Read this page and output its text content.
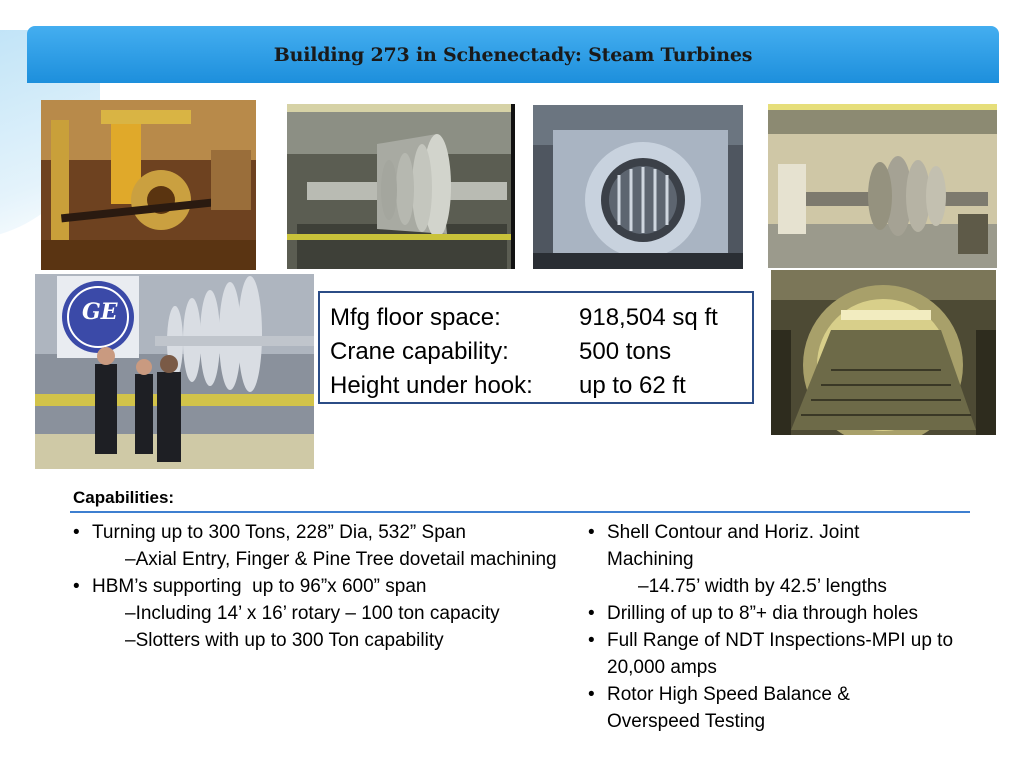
Building 273 in Schenectady: Steam Turbines
GE	Mfg floor space:	918,504 sq ft
Crane capability:	500 tons
Height under hook:	up to 62 ft
Capabilities:
• Turning up to 300 Tons, 228” Dia, 532” Span
–Axial Entry, Finger & Pine Tree dovetail machining
• HBM’s supporting  up to 96”x 600” span
–Including 14’ x 16’ rotary – 100 ton capacity
–Slotters with up to 300 Ton capability
• Shell Contour and Horiz. Joint Machining
–14.75’ width by 42.5’ lengths
• Drilling of up to 8”+ dia through holes
• Full Range of NDT Inspections-MPI up to 20,000 amps
• Rotor High Speed Balance & Overspeed Testing
